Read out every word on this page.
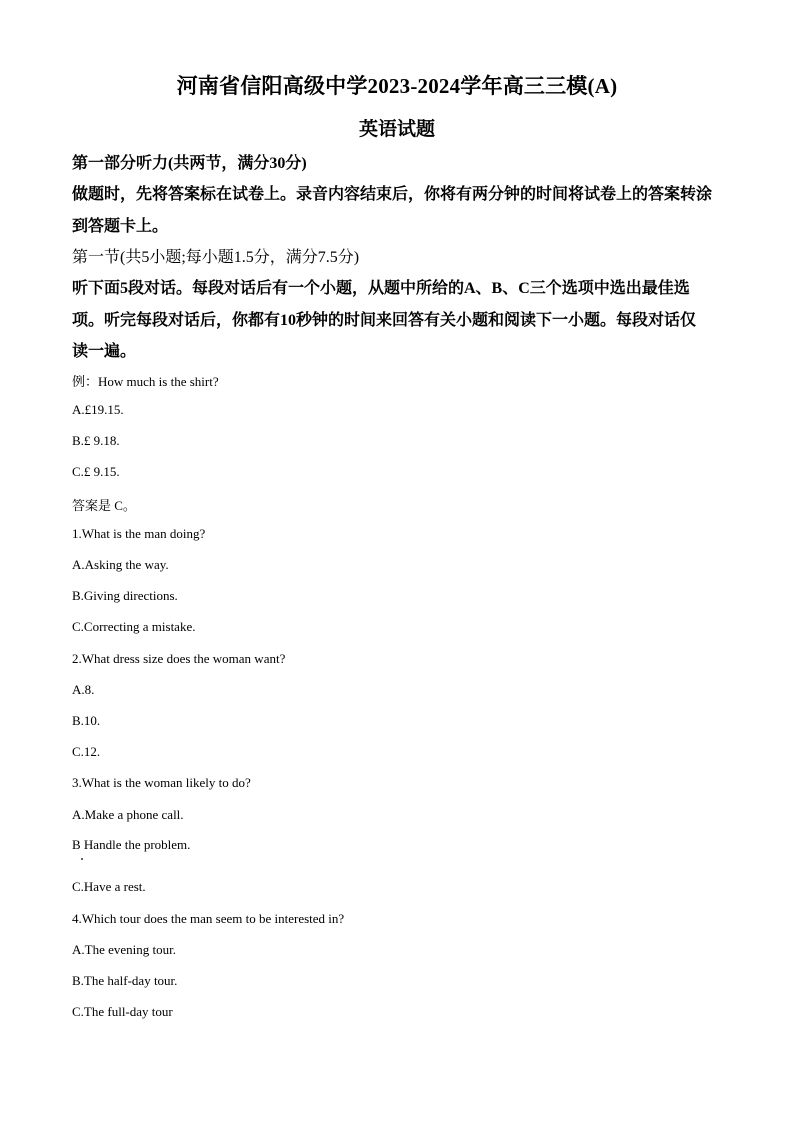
河南省信阳高级中学2023-2024学年高三三模(A)
英语试题
第一部分听力(共两节，满分30分)
做题时，先将答案标在试卷上。录音内容结束后，你将有两分钟的时间将试卷上的答案转涂
到答题卡上。
第一节(共5小题;每小题1.5分，满分7.5分)
听下面5段对话。每段对话后有一个小题，从题中所给的A、B、C三个选项中选出最佳选
项。听完每段对话后，你都有10秒钟的时间来回答有关小题和阅读下一小题。每段对话仅
读一遍。
例：How much is the shirt?
A.£19.15.
B.£ 9.18.
C.£ 9.15.
答案是 C。
1.What is the man doing?
A.Asking the way.
B.Giving directions.
C.Correcting a mistake.
2.What dress size does the woman want?
A.8.
B.10.
C.12.
3.What is the woman likely to do?
A.Make a phone call.
B Handle the problem.
C.Have a rest.
4.Which tour does the man seem to be interested in?
A.The evening tour.
B.The half-day tour.
C.The full-day tour
